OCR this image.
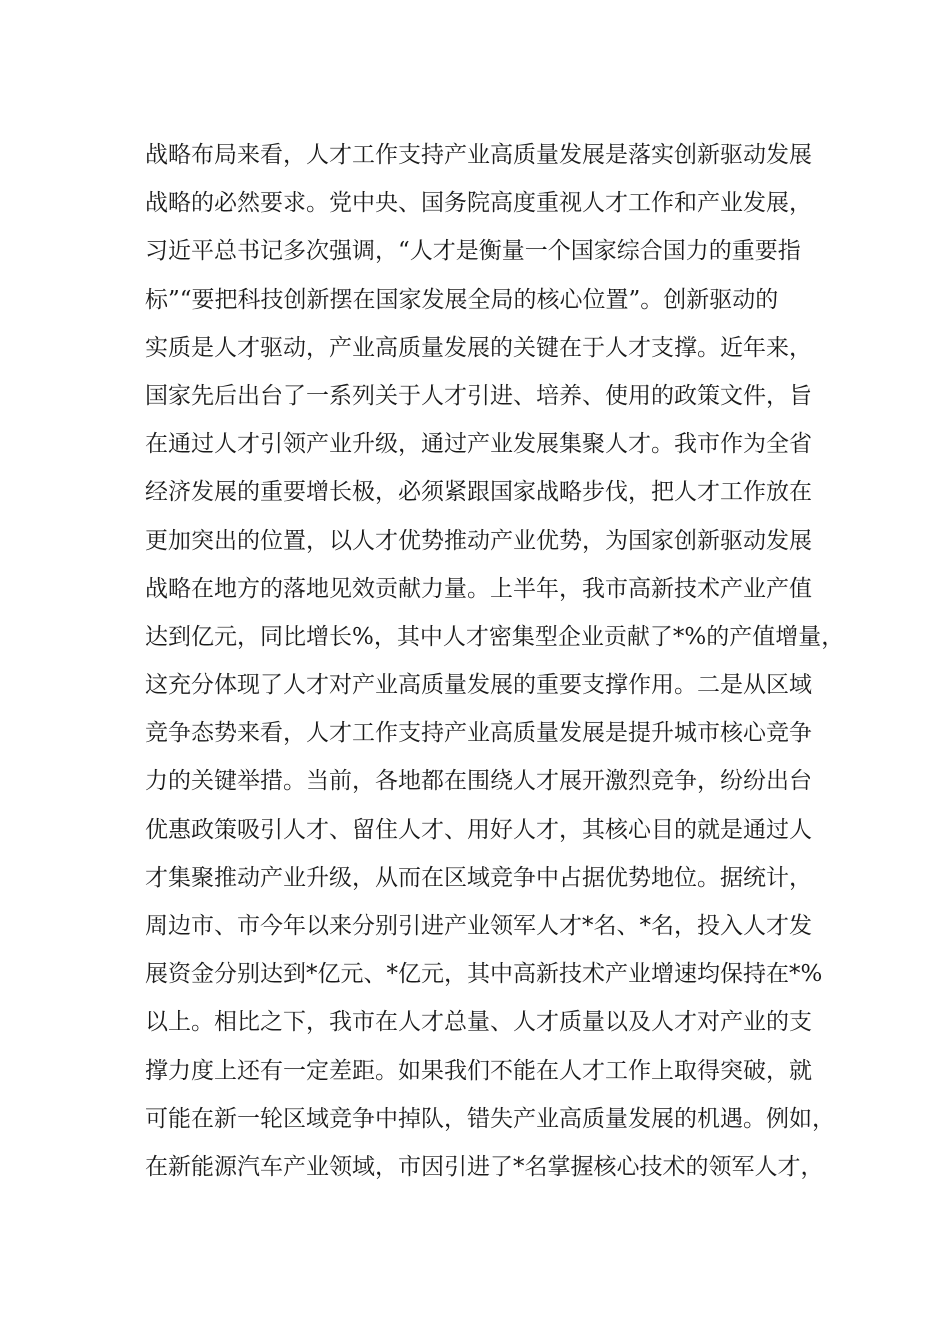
战略布局来看，人才工作支持产业高质量发展是落实创新驱动发展
战略的必然要求。党中央、国务院高度重视人才工作和产业发展，
习近平总书记多次强调，“人才是衡量一个国家综合国力的重要指
标”“要把科技创新摆在国家发展全局的核心位置”。创新驱动的
实质是人才驱动，产业高质量发展的关键在于人才支撑。近年来，
国家先后出台了一系列关于人才引进、培养、使用的政策文件，旨
在通过人才引领产业升级，通过产业发展集聚人才。我市作为全省
经济发展的重要增长极，必须紧跟国家战略步伐，把人才工作放在
更加突出的位置，以人才优势推动产业优势，为国家创新驱动发展
战略在地方的落地见效贡献力量。上半年，我市高新技术产业产值
达到亿元，同比增长%，其中人才密集型企业贡献了*%的产值增量，
这充分体现了人才对产业高质量发展的重要支撑作用。二是从区域
竞争态势来看，人才工作支持产业高质量发展是提升城市核心竞争
力的关键举措。当前，各地都在围绕人才展开激烈竞争，纷纷出台
优惠政策吸引人才、留住人才、用好人才，其核心目的就是通过人
才集聚推动产业升级，从而在区域竞争中占据优势地位。据统计，
周边市、市今年以来分别引进产业领军人才*名、*名，投入人才发
展资金分别达到*亿元、*亿元，其中高新技术产业增速均保持在*%
以上。相比之下，我市在人才总量、人才质量以及人才对产业的支
撑力度上还有一定差距。如果我们不能在人才工作上取得突破，就
可能在新一轮区域竞争中掉队，错失产业高质量发展的机遇。例如，
在新能源汽车产业领域，市因引进了*名掌握核心技术的领军人才，
